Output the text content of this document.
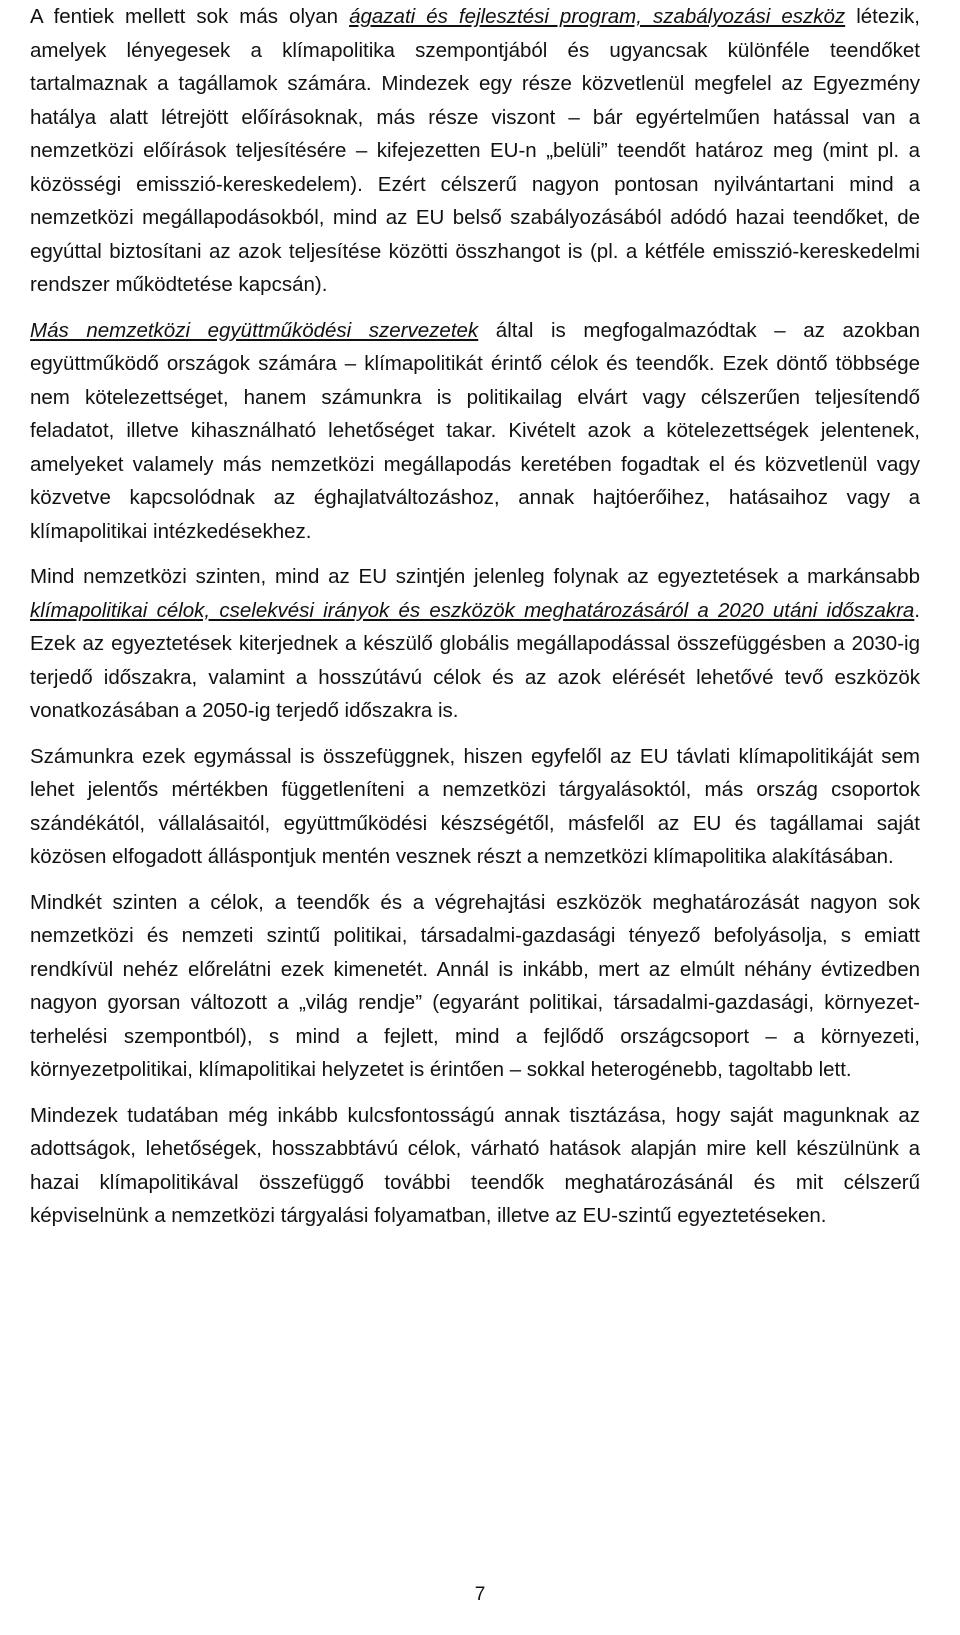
A fentiek mellett sok más olyan ágazati és fejlesztési program, szabályozási eszköz létezik, amelyek lényegesek a klímapolitika szempontjából és ugyancsak különféle teendőket tartalmaznak a tagállamok számára. Mindezek egy része közvetlenül megfelel az Egyezmény hatálya alatt létrejött előírásoknak, más része viszont – bár egyértelműen hatással van a nemzetközi előírások teljesítésére – kifejezetten EU-n „belüli” teendőt határoz meg (mint pl. a közösségi emisszió-kereskedelem). Ezért célszerű nagyon pontosan nyilvántartani mind a nemzetközi megállapodásokból, mind az EU belső szabályozásából adódó hazai teendőket, de egyúttal biztosítani az azok teljesítése közötti összhangot is (pl. a kétféle emisszió-kereskedelmi rendszer működtetése kapcsán).

Más nemzetközi együttműködési szervezetek által is megfogalmazódtak – az azokban együttműködő országok számára – klímapolitikát érintő célok és teendők. Ezek döntő többsége nem kötelezettséget, hanem számunkra is politikailag elvárt vagy célszerűen teljesítendő feladatot, illetve kihasználható lehetőséget takar. Kivételt azok a kötelezettségek jelentenek, amelyeket valamely más nemzetközi megállapodás keretében fogadtak el és közvetlenül vagy közvetve kapcsolódnak az éghajlatváltozáshoz, annak hajtóerőihez, hatásaihoz vagy a klímapolitikai intézkedésekhez.

Mind nemzetközi szinten, mind az EU szintjén jelenleg folynak az egyeztetések a markánsabb klímapolitikai célok, cselekvési irányok és eszközök meghatározásáról a 2020 utáni időszakra. Ezek az egyeztetések kiterjednek a készülő globális megállapodással összefüggésben a 2030-ig terjedő időszakra, valamint a hosszútávú célok és az azok elérését lehetővé tevő eszközök vonatkozásában a 2050-ig terjedő időszakra is.

Számunkra ezek egymással is összefüggnek, hiszen egyfelől az EU távlati klímapolitikáját sem lehet jelentős mértékben függetleníteni a nemzetközi tárgyalásoktól, más ország csoportok szándékától, vállalásaitól, együttműködési készségétől, másfelől az EU és tagállamai saját közösen elfogadott álláspontjuk mentén vesznek részt a nemzetközi klímapolitika alakításában.

Mindkét szinten a célok, a teendők és a végrehajtási eszközök meghatározását nagyon sok nemzetközi és nemzeti szintű politikai, társadalmi-gazdasági tényező befolyásolja, s emiatt rendkívül nehéz előrelátni ezek kimenetét. Annál is inkább, mert az elmúlt néhány évtizedben nagyon gyorsan változott a „világ rendje” (egyaránt politikai, társadalmi-gazdasági, környezet-terhelési szempontból), s mind a fejlett, mind a fejlődő országcsoport – a környezeti, környezetpolitikai, klímapolitikai helyzetet is érintően – sokkal heterogénebb, tagoltabb lett.

Mindezek tudatában még inkább kulcsfontosságú annak tisztázása, hogy saját magunknak az adottságok, lehetőségek, hosszabbtávú célok, várható hatások alapján mire kell készülnünk a hazai klímapolitikával összefüggő további teendők meghatározásánál és mit célszerű képviselnünk a nemzetközi tárgyalási folyamatban, illetve az EU-szintű egyeztetéseken.

7
